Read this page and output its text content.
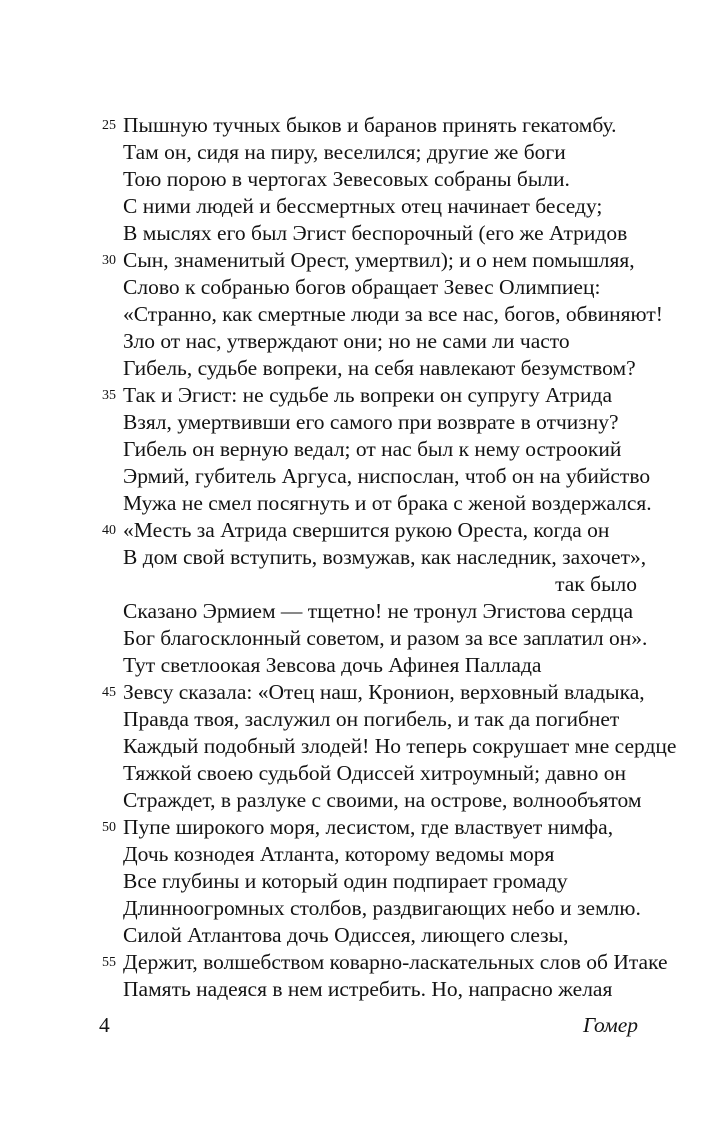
25 Пышную тучных быков и баранов принять гекатомбу.
Там он, сидя на пиру, веселился; другие же боги
Тою порою в чертогах Зевесовых собраны были.
С ними людей и бессмертных отец начинает беседу;
В мыслях его был Эгист беспорочный (его же Атридов
30 Сын, знаменитый Орест, умертвил); и о нем помышляя,
Слово к собранью богов обращает Зевес Олимпиец:
«Странно, как смертные люди за все нас, богов, обвиняют!
Зло от нас, утверждают они; но не сами ли часто
Гибель, судьбе вопреки, на себя навлекают безумством?
35 Так и Эгист: не судьбе ль вопреки он супругу Атрида
Взял, умертвивши его самого при возврате в отчизну?
Гибель он верную ведал; от нас был к нему остроокий
Эрмий, губитель Аргуса, ниспослан, чтоб он на убийство
Мужа не смел посягнуть и от брака с женой воздержался.
40 «Месть за Атрида свершится рукою Ореста, когда он
В дом свой вступить, возмужав, как наследник, захочет»,
так было
Сказано Эрмием — тщетно! не тронул Эгистова сердца
Бог благосклонный советом, и разом за все заплатил он».
Тут светлоокая Зевсова дочь Афинея Паллада
45 Зевсу сказала: «Отец наш, Кронион, верховный владыка,
Правда твоя, заслужил он погибель, и так да погибнет
Каждый подобный злодей! Но теперь сокрушает мне сердце
Тяжкой своею судьбой Одиссей хитроумный; давно он
Страждет, в разлуке с своими, на острове, волнообъятом
50 Пупе широкого моря, лесистом, где властвует нимфа,
Дочь кознодея Атланта, которому ведомы моря
Все глубины и который один подпирает громаду
Длинноогромных столбов, раздвигающих небо и землю.
Силой Атлантова дочь Одиссея, лиющего слезы,
55 Держит, волшебством коварно-ласкательных слов об Итаке
Память надеяся в нем истребить. Но, напрасно желая
4	Гомер
